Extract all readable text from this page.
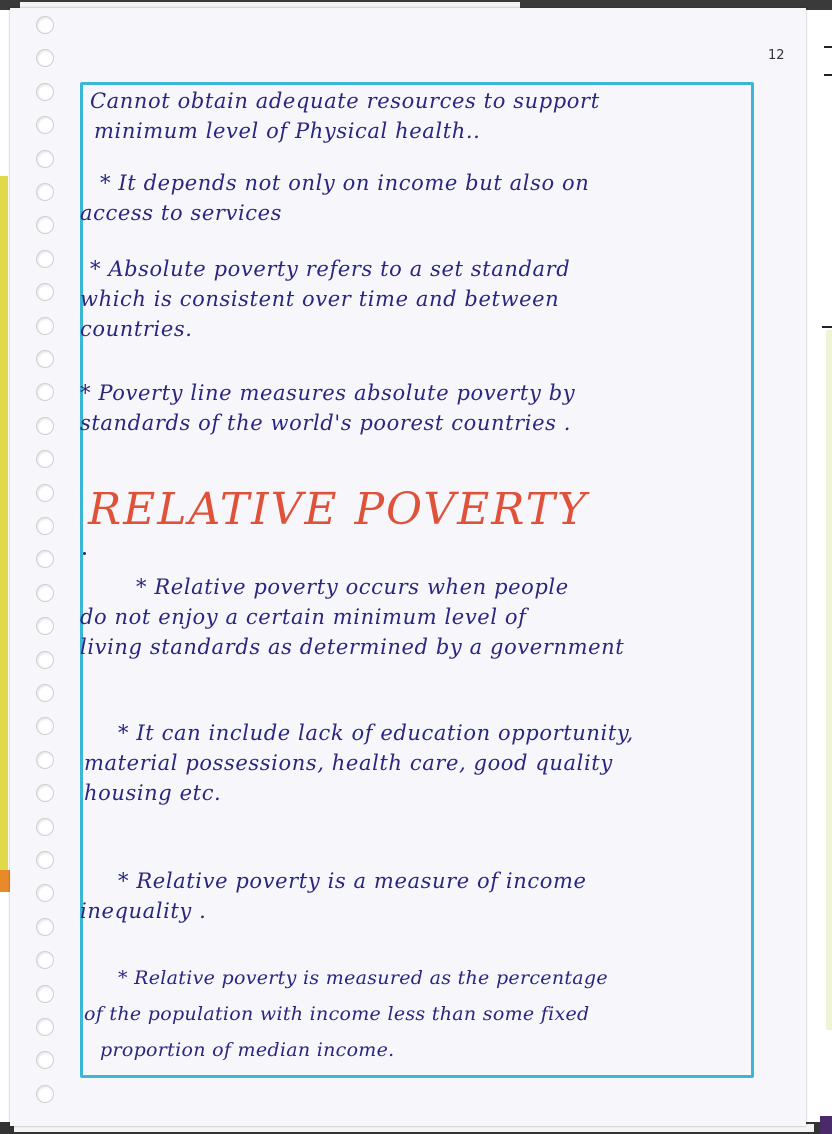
12
Cannot obtain adequate resources to support
minimum level of Physical health..
* It depends not only on income but also on
access to services
* Absolute poverty refers to a set standard
which is consistent over time and between
countries.
* Poverty line measures absolute poverty by
standards of the world's poorest countries .
RELATIVE POVERTY
* Relative poverty occurs when people
do not enjoy a certain minimum level of
living standards as determined by a government
* It can include lack of education opportunity,
material possessions, health care, good quality
housing etc.
* Relative poverty is a measure of income
inequality .
* Relative poverty is measured as the percentage
of the population with income less than some fixed
proportion of median income.
